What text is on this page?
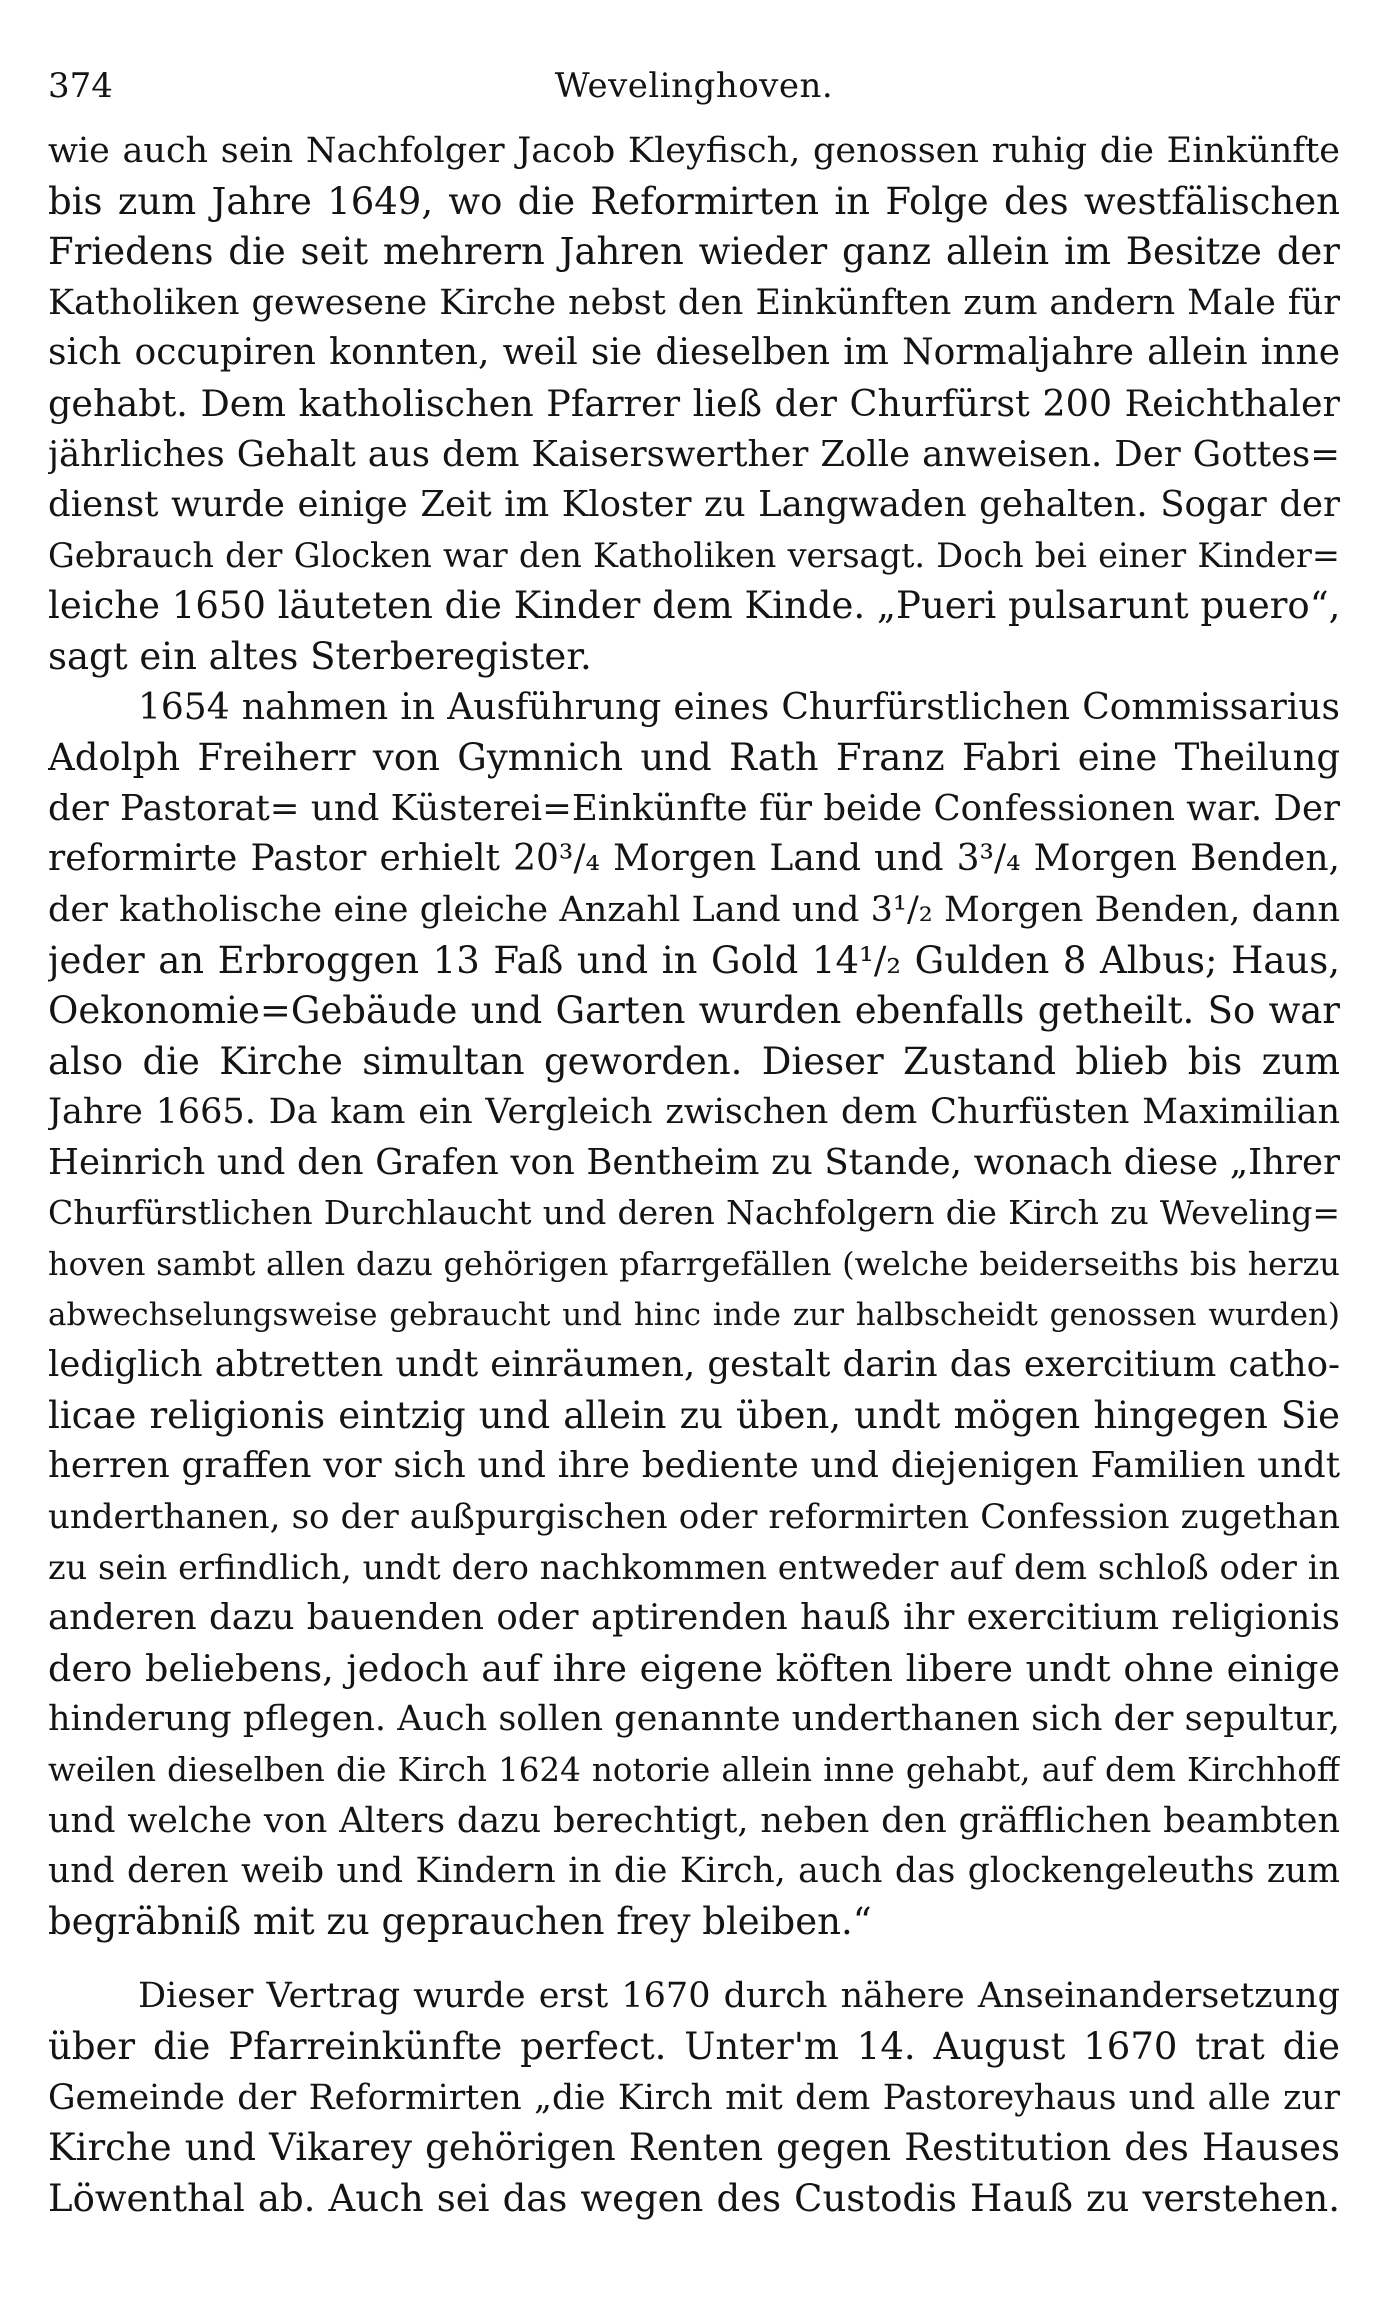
374	Wevelinghoven.
wie auch sein Nachfolger Jacob Kleyfisch, genossen ruhig die Einkünfte
bis zum Jahre 1649, wo die Reformirten in Folge des westfälischen
Friedens die seit mehrern Jahren wieder ganz allein im Besitze der
Katholiken gewesene Kirche nebst den Einkünften zum andern Male für
sich occupiren konnten, weil sie dieselben im Normaljahre allein inne
gehabt. Dem katholischen Pfarrer ließ der Churfürst 200 Reichthaler
jährliches Gehalt aus dem Kaiserswerther Zolle anweisen. Der Gottes=
dienst wurde einige Zeit im Kloster zu Langwaden gehalten. Sogar der
Gebrauch der Glocken war den Katholiken versagt. Doch bei einer Kinder=
leiche 1650 läuteten die Kinder dem Kinde. „Pueri pulsarunt puero“,
sagt ein altes Sterberegister.
1654 nahmen in Ausführung eines Churfürstlichen Commissarius
Adolph Freiherr von Gymnich und Rath Franz Fabri eine Theilung
der Pastorat= und Küsterei=Einkünfte für beide Confessionen war. Der
reformirte Pastor erhielt 20³/₄ Morgen Land und 3³/₄ Morgen Benden,
der katholische eine gleiche Anzahl Land und 3¹/₂ Morgen Benden, dann
jeder an Erbroggen 13 Faß und in Gold 14¹/₂ Gulden 8 Albus; Haus,
Oekonomie=Gebäude und Garten wurden ebenfalls getheilt. So war
also die Kirche simultan geworden. Dieser Zustand blieb bis zum
Jahre 1665. Da kam ein Vergleich zwischen dem Churfüsten Maximilian
Heinrich und den Grafen von Bentheim zu Stande, wonach diese „Ihrer
Churfürstlichen Durchlaucht und deren Nachfolgern die Kirch zu Weveling=
hoven sambt allen dazu gehörigen pfarrgefällen (welche beiderseiths bis herzu
abwechselungsweise gebraucht und hinc inde zur halbscheidt genossen wurden)
lediglich abtretten undt einräumen, gestalt darin das exercitium catho-
licae religionis eintzig und allein zu üben, undt mögen hingegen Sie
herren graffen vor sich und ihre bediente und diejenigen Familien undt
underthanen, so der außpurgischen oder reformirten Confession zugethan
zu sein erfindlich, undt dero nachkommen entweder auf dem schloß oder in
anderen dazu bauenden oder aptirenden hauß ihr exercitium religionis
dero beliebens, jedoch auf ihre eigene köften libere undt ohne einige
hinderung pflegen. Auch sollen genannte underthanen sich der sepultur,
weilen dieselben die Kirch 1624 notorie allein inne gehabt, auf dem Kirchhoff
und welche von Alters dazu berechtigt, neben den gräfflichen beambten
und deren weib und Kindern in die Kirch, auch das glockengeleuths zum
begräbniß mit zu geprauchen frey bleiben.“
Dieser Vertrag wurde erst 1670 durch nähere Anseinandersetzung
über die Pfarreinkünfte perfect. Unter'm 14. August 1670 trat die
Gemeinde der Reformirten „die Kirch mit dem Pastoreyhaus und alle zur
Kirche und Vikarey gehörigen Renten gegen Restitution des Hauses
Löwenthal ab. Auch sei das wegen des Custodis Hauß zu verstehen.
